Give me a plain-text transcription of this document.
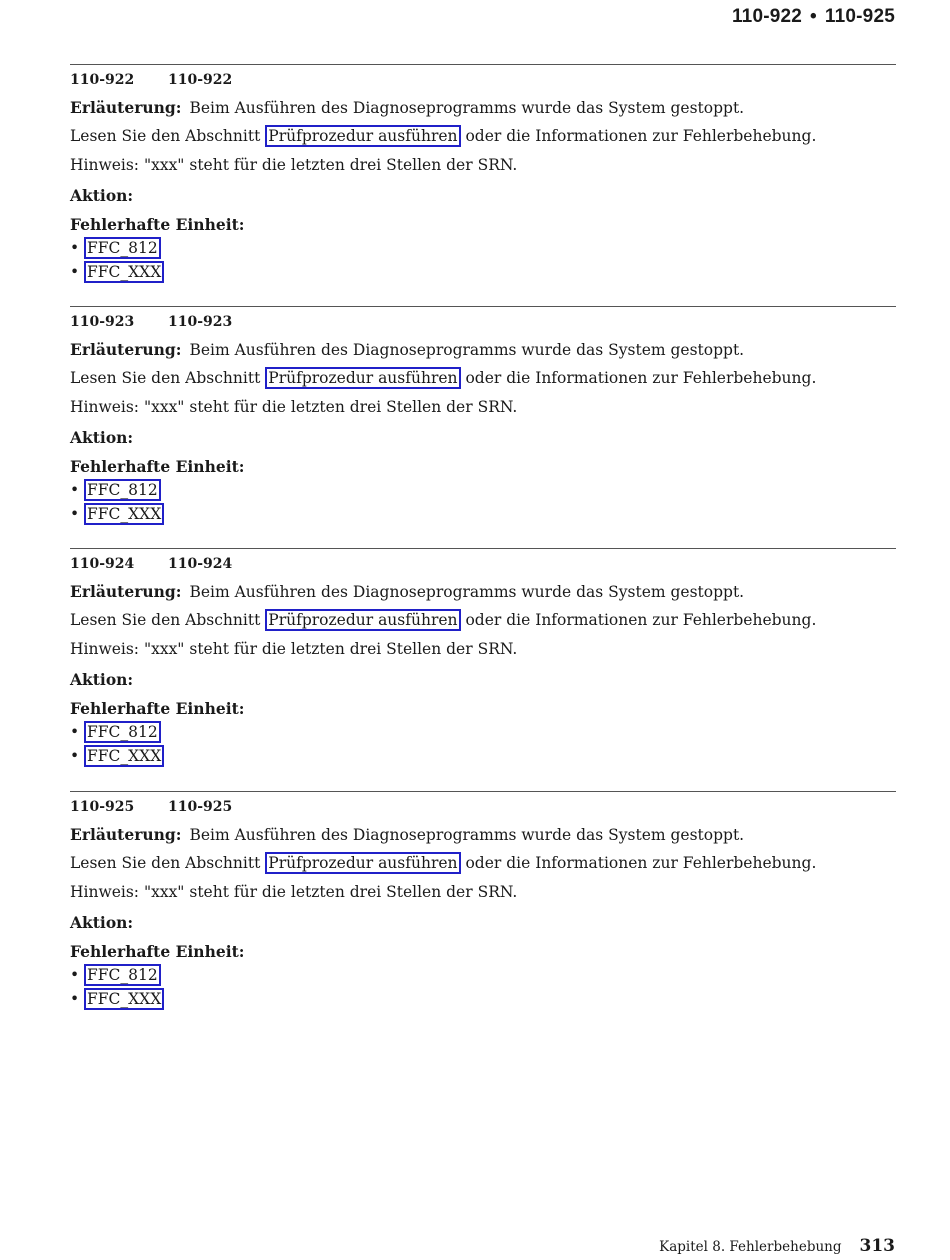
110-922 • 110-925
110-922 110-922
Erläuterung: Beim Ausführen des Diagnoseprogramms wurde das System gestoppt.
Lesen Sie den Abschnitt Prüfprozedur ausführen oder die Informationen zur Fehlerbehebung.
Hinweis: "xxx" steht für die letzten drei Stellen der SRN.
Aktion:
Fehlerhafte Einheit:
• FFC_812
• FFC_XXX
110-923 110-923
Erläuterung: Beim Ausführen des Diagnoseprogramms wurde das System gestoppt.
Lesen Sie den Abschnitt Prüfprozedur ausführen oder die Informationen zur Fehlerbehebung.
Hinweis: "xxx" steht für die letzten drei Stellen der SRN.
Aktion:
Fehlerhafte Einheit:
• FFC_812
• FFC_XXX
110-924 110-924
Erläuterung: Beim Ausführen des Diagnoseprogramms wurde das System gestoppt.
Lesen Sie den Abschnitt Prüfprozedur ausführen oder die Informationen zur Fehlerbehebung.
Hinweis: "xxx" steht für die letzten drei Stellen der SRN.
Aktion:
Fehlerhafte Einheit:
• FFC_812
• FFC_XXX
110-925 110-925
Erläuterung: Beim Ausführen des Diagnoseprogramms wurde das System gestoppt.
Lesen Sie den Abschnitt Prüfprozedur ausführen oder die Informationen zur Fehlerbehebung.
Hinweis: "xxx" steht für die letzten drei Stellen der SRN.
Aktion:
Fehlerhafte Einheit:
• FFC_812
• FFC_XXX
Kapitel 8. Fehlerbehebung 313
